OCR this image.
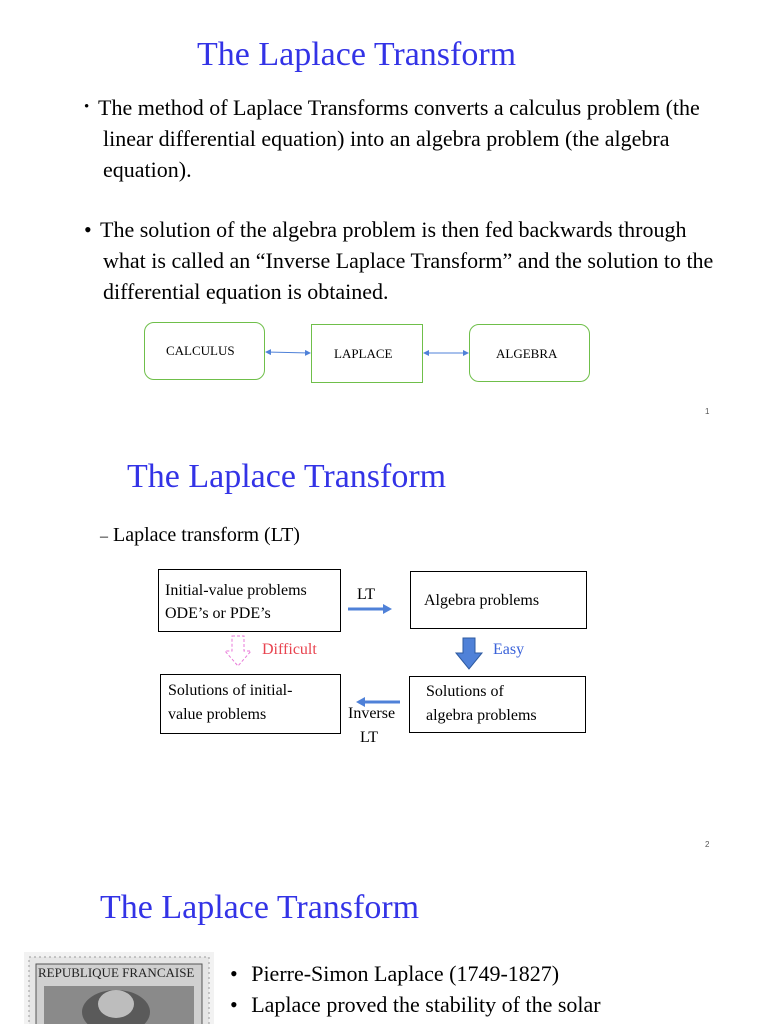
The Laplace Transform
• The method of Laplace Transforms converts a calculus problem (the linear differential equation) into an algebra problem (the algebra equation).
• The solution of the algebra problem is then fed backwards through what is called an “Inverse Laplace Transform” and the solution to the differential equation is obtained.
CALCULUS	LAPLACE	ALGEBRA
1
The Laplace Transform
– Laplace transform (LT)
Initial-value problems
ODE’s or PDE’s
LT	Algebra problems
Difficult	Easy
Solutions of initial-
value problems	Inverse
LT
Solutions of
algebra problems
2
The Laplace Transform
REPUBLIQUE FRANCAISE • Pierre-Simon Laplace (1749-1827)
• Laplace proved the stability of the solar
